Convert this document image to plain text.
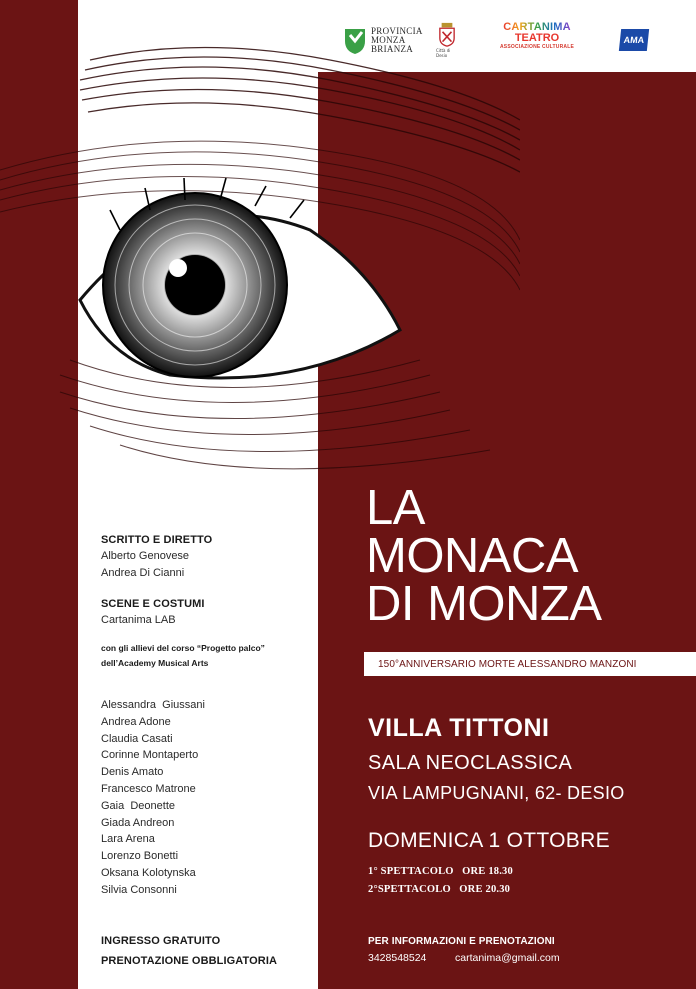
PROVINCIA
MONZA
BRIANZA	Città di Desio
CARTANIMA
TEATRO
ASSOCIAZIONE CULTURALE
AMA
LA
MONACA
DI MONZA
150°ANNIVERSARIO MORTE ALESSANDRO MANZONI
VILLA TITTONI
SALA NEOCLASSICA
VIA LAMPUGNANI, 62- DESIO
DOMENICA 1 OTTOBRE
1° SPETTACOLO   ORE 18.30
2°SPETTACOLO   ORE 20.30
PER INFORMAZIONI E PRENOTAZIONI
3428548524	cartanima@gmail.com
SCRITTO E DIRETTO
Alberto Genovese
Andrea Di Cianni
SCENE E COSTUMI
Cartanima LAB
con gli allievi del corso “Progetto palco”
dell’Academy Musical Arts
Alessandra  Giussani
Andrea Adone
Claudia Casati
Corinne Montaperto
Denis Amato
Francesco Matrone
Gaia  Deonette
Giada Andreon
Lara Arena
Lorenzo Bonetti
Oksana Kolotynska
Silvia Consonni
INGRESSO GRATUITO
PRENOTAZIONE OBBLIGATORIA
